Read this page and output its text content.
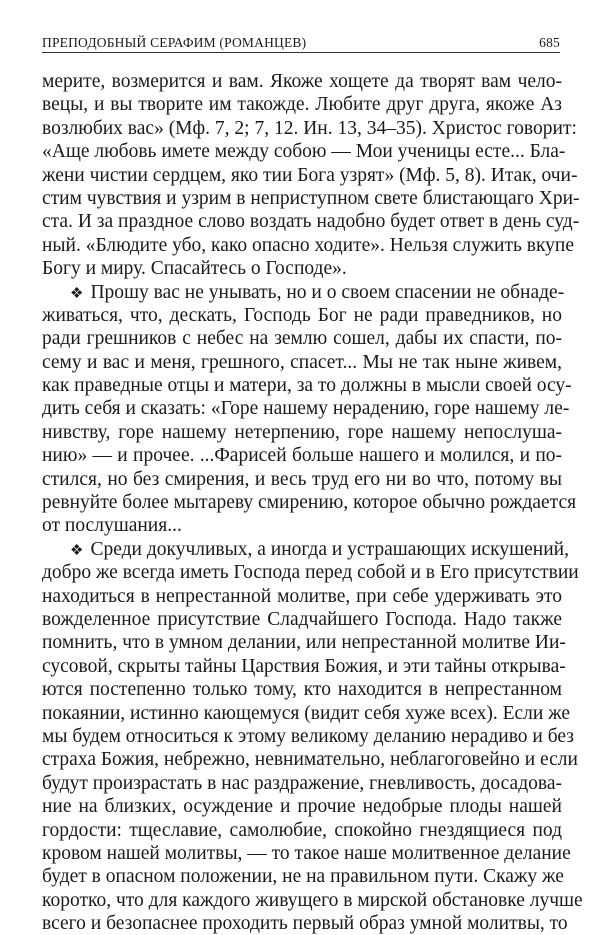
ПРЕПОДОБНЫЙ СЕРАФИМ (РОМАНЦЕВ)	685
мерите, возмерится и вам. Якоже хощете да творят вам чело-
вецы, и вы творите им такожде. Любите друг друга, якоже Аз
возлюбих вас» (Мф. 7, 2; 7, 12. Ин. 13, 34–35). Христос говорит:
«Аще любовь имете между собою — Мои ученицы есте... Бла-
жени чистии сердцем, яко тии Бога узрят» (Мф. 5, 8). Итак, очи-
стим чувствия и узрим в неприступном свете блистающаго Хри-
ста. И за праздное слово воздать надобно будет ответ в день суд-
ный. «Блюдите убо, како опасно ходите». Нельзя служить вкупе
Богу и миру. Спасайтесь о Господе».
❖ Прошу вас не унывать, но и о своем спасении не обнаде-
живаться, что, дескать, Господь Бог не ради праведников, но
ради грешников с небес на землю сошел, дабы их спасти, по-
сему и вас и меня, грешного, спасет... Мы не так ныне живем,
как праведные отцы и матери, за то должны в мысли своей осу-
дить себя и сказать: «Горе нашему нерадению, горе нашему ле-
нивству, горе нашему нетерпению, горе нашему непослуша-
нию» — и прочее. ...Фарисей больше нашего и молился, и по-
стился, но без смирения, и весь труд его ни во что, потому вы
ревнуйте более мытареву смирению, которое обычно рождается
от послушания...
❖ Среди докучливых, а иногда и устрашающих искушений,
добро же всегда иметь Господа перед собой и в Его присутствии
находиться в непрестанной молитве, при себе удерживать это
вожделенное присутствие Сладчайшего Господа. Надо также
помнить, что в умном делании, или непрестанной молитве Ии-
сусовой, скрыты тайны Царствия Божия, и эти тайны открыва-
ются постепенно только тому, кто находится в непрестанном
покаянии, истинно кающемуся (видит себя хуже всех). Если же
мы будем относиться к этому великому деланию нерадиво и без
страха Божия, небрежно, невнимательно, неблагоговейно и если
будут произрастать в нас раздражение, гневливость, досадова-
ние на близких, осуждение и прочие недобрые плоды нашей
гордости: тщеславие, самолюбие, спокойно гнездящиеся под
кровом нашей молитвы, — то такое наше молитвенное делание
будет в опасном положении, не на правильном пути. Скажу же
коротко, что для каждого живущего в мирской обстановке лучше
всего и безопаснее проходить первый образ умной молитвы, то
